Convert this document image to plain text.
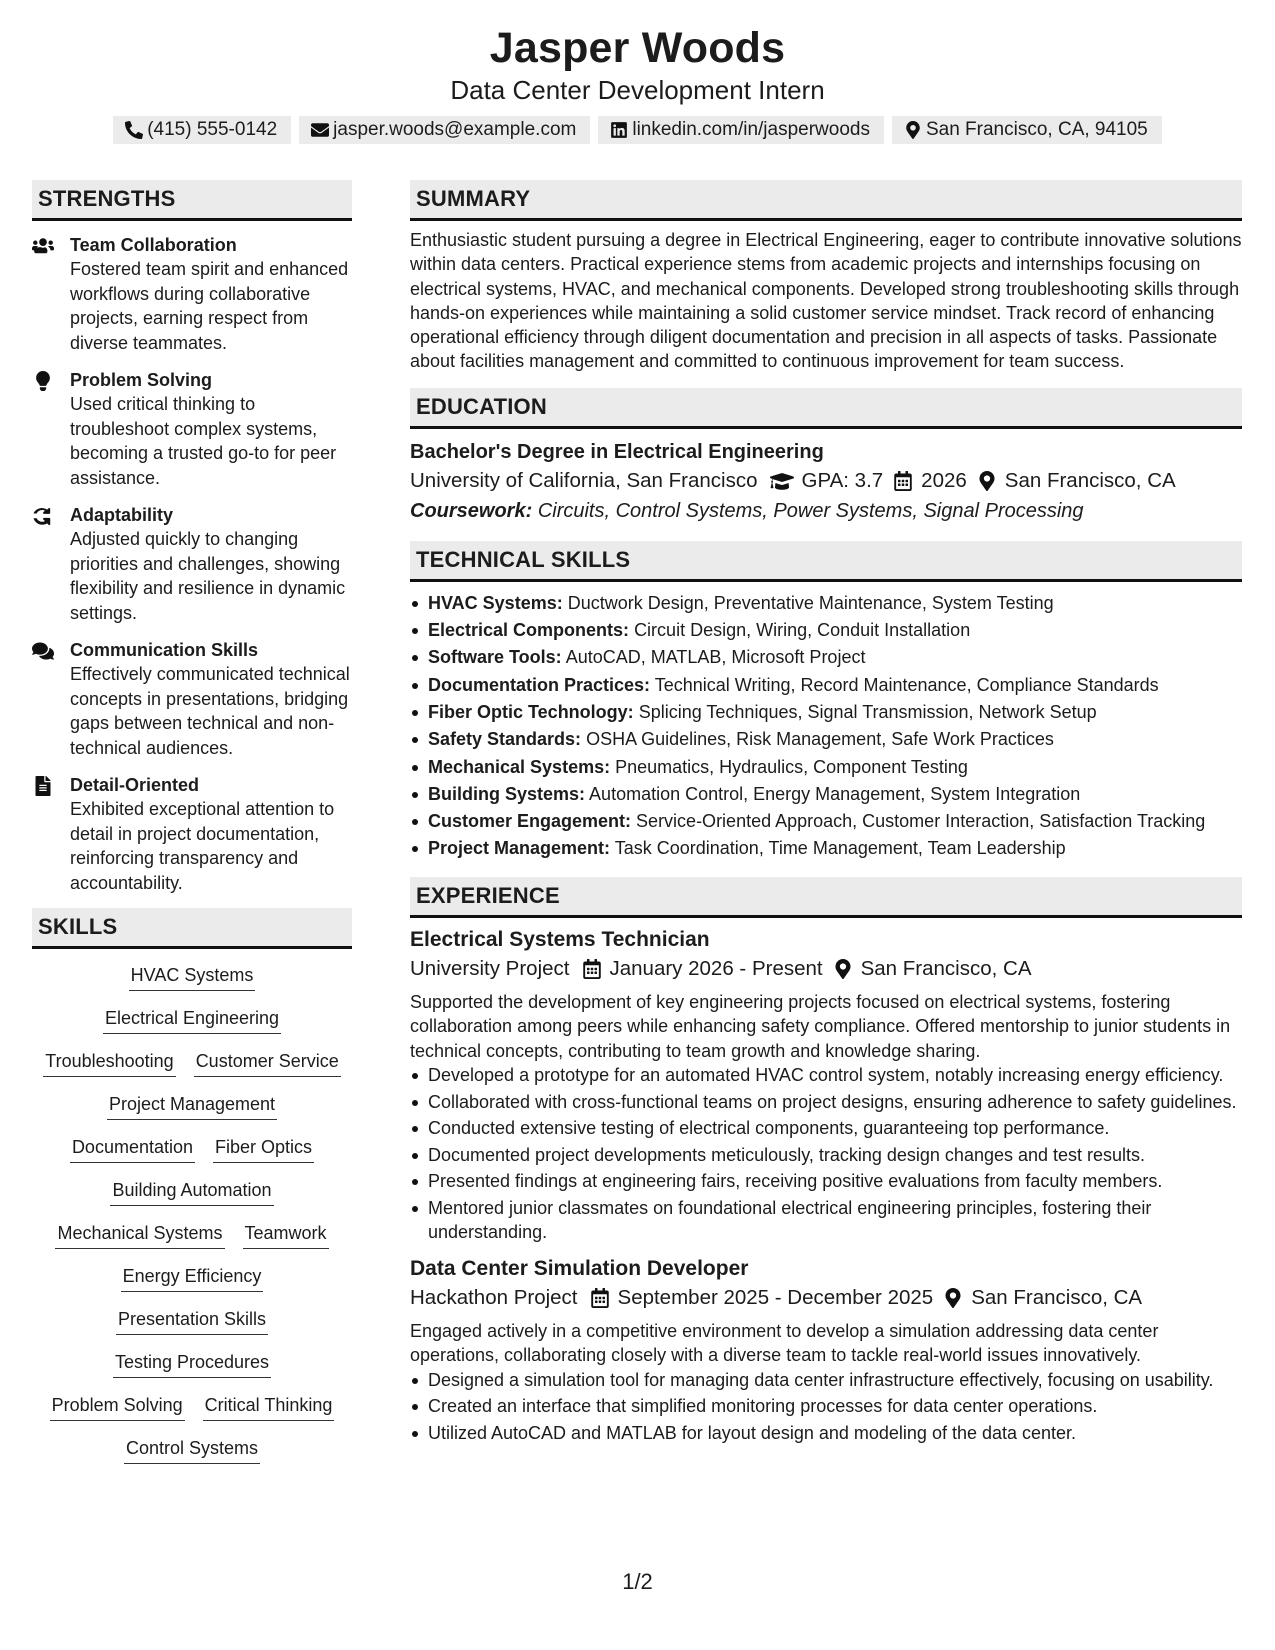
Jasper Woods
Data Center Development Intern
(415) 555-0142	jasper.woods@example.com	linkedin.com/in/jasperwoods	San Francisco, CA, 94105
STRENGTHS
Team Collaboration
Fostered team spirit and enhanced workflows during collaborative projects, earning respect from diverse teammates.
Problem Solving
Used critical thinking to troubleshoot complex systems, becoming a trusted go-to for peer assistance.
Adaptability
Adjusted quickly to changing priorities and challenges, showing flexibility and resilience in dynamic settings.
Communication Skills
Effectively communicated technical concepts in presentations, bridging gaps between technical and non-technical audiences.
Detail-Oriented
Exhibited exceptional attention to detail in project documentation, reinforcing transparency and accountability.
SKILLS
HVAC Systems
Electrical Engineering
Troubleshooting Customer Service
Project Management
Documentation Fiber Optics
Building Automation
Mechanical Systems Teamwork
Energy Efficiency
Presentation Skills
Testing Procedures
Problem Solving Critical Thinking
Control Systems
SUMMARY
Enthusiastic student pursuing a degree in Electrical Engineering, eager to contribute innovative solutions within data centers. Practical experience stems from academic projects and internships focusing on electrical systems, HVAC, and mechanical components. Developed strong troubleshooting skills through hands-on experiences while maintaining a solid customer service mindset. Track record of enhancing operational efficiency through diligent documentation and precision in all aspects of tasks. Passionate about facilities management and committed to continuous improvement for team success.
EDUCATION
Bachelor's Degree in Electrical Engineering
University of California, San Francisco GPA: 3.7 2026 San Francisco, CA
Coursework: Circuits, Control Systems, Power Systems, Signal Processing
TECHNICAL SKILLS
HVAC Systems: Ductwork Design, Preventative Maintenance, System Testing
Electrical Components: Circuit Design, Wiring, Conduit Installation
Software Tools: AutoCAD, MATLAB, Microsoft Project
Documentation Practices: Technical Writing, Record Maintenance, Compliance Standards
Fiber Optic Technology: Splicing Techniques, Signal Transmission, Network Setup
Safety Standards: OSHA Guidelines, Risk Management, Safe Work Practices
Mechanical Systems: Pneumatics, Hydraulics, Component Testing
Building Systems: Automation Control, Energy Management, System Integration
Customer Engagement: Service-Oriented Approach, Customer Interaction, Satisfaction Tracking
Project Management: Task Coordination, Time Management, Team Leadership
EXPERIENCE
Electrical Systems Technician
University Project January 2026 - Present San Francisco, CA
Supported the development of key engineering projects focused on electrical systems, fostering collaboration among peers while enhancing safety compliance. Offered mentorship to junior students in technical concepts, contributing to team growth and knowledge sharing.
Developed a prototype for an automated HVAC control system, notably increasing energy efficiency.
Collaborated with cross-functional teams on project designs, ensuring adherence to safety guidelines.
Conducted extensive testing of electrical components, guaranteeing top performance.
Documented project developments meticulously, tracking design changes and test results.
Presented findings at engineering fairs, receiving positive evaluations from faculty members.
Mentored junior classmates on foundational electrical engineering principles, fostering their understanding.
Data Center Simulation Developer
Hackathon Project September 2025 - December 2025 San Francisco, CA
Engaged actively in a competitive environment to develop a simulation addressing data center operations, collaborating closely with a diverse team to tackle real-world issues innovatively.
Designed a simulation tool for managing data center infrastructure effectively, focusing on usability.
Created an interface that simplified monitoring processes for data center operations.
Utilized AutoCAD and MATLAB for layout design and modeling of the data center.
1/2
